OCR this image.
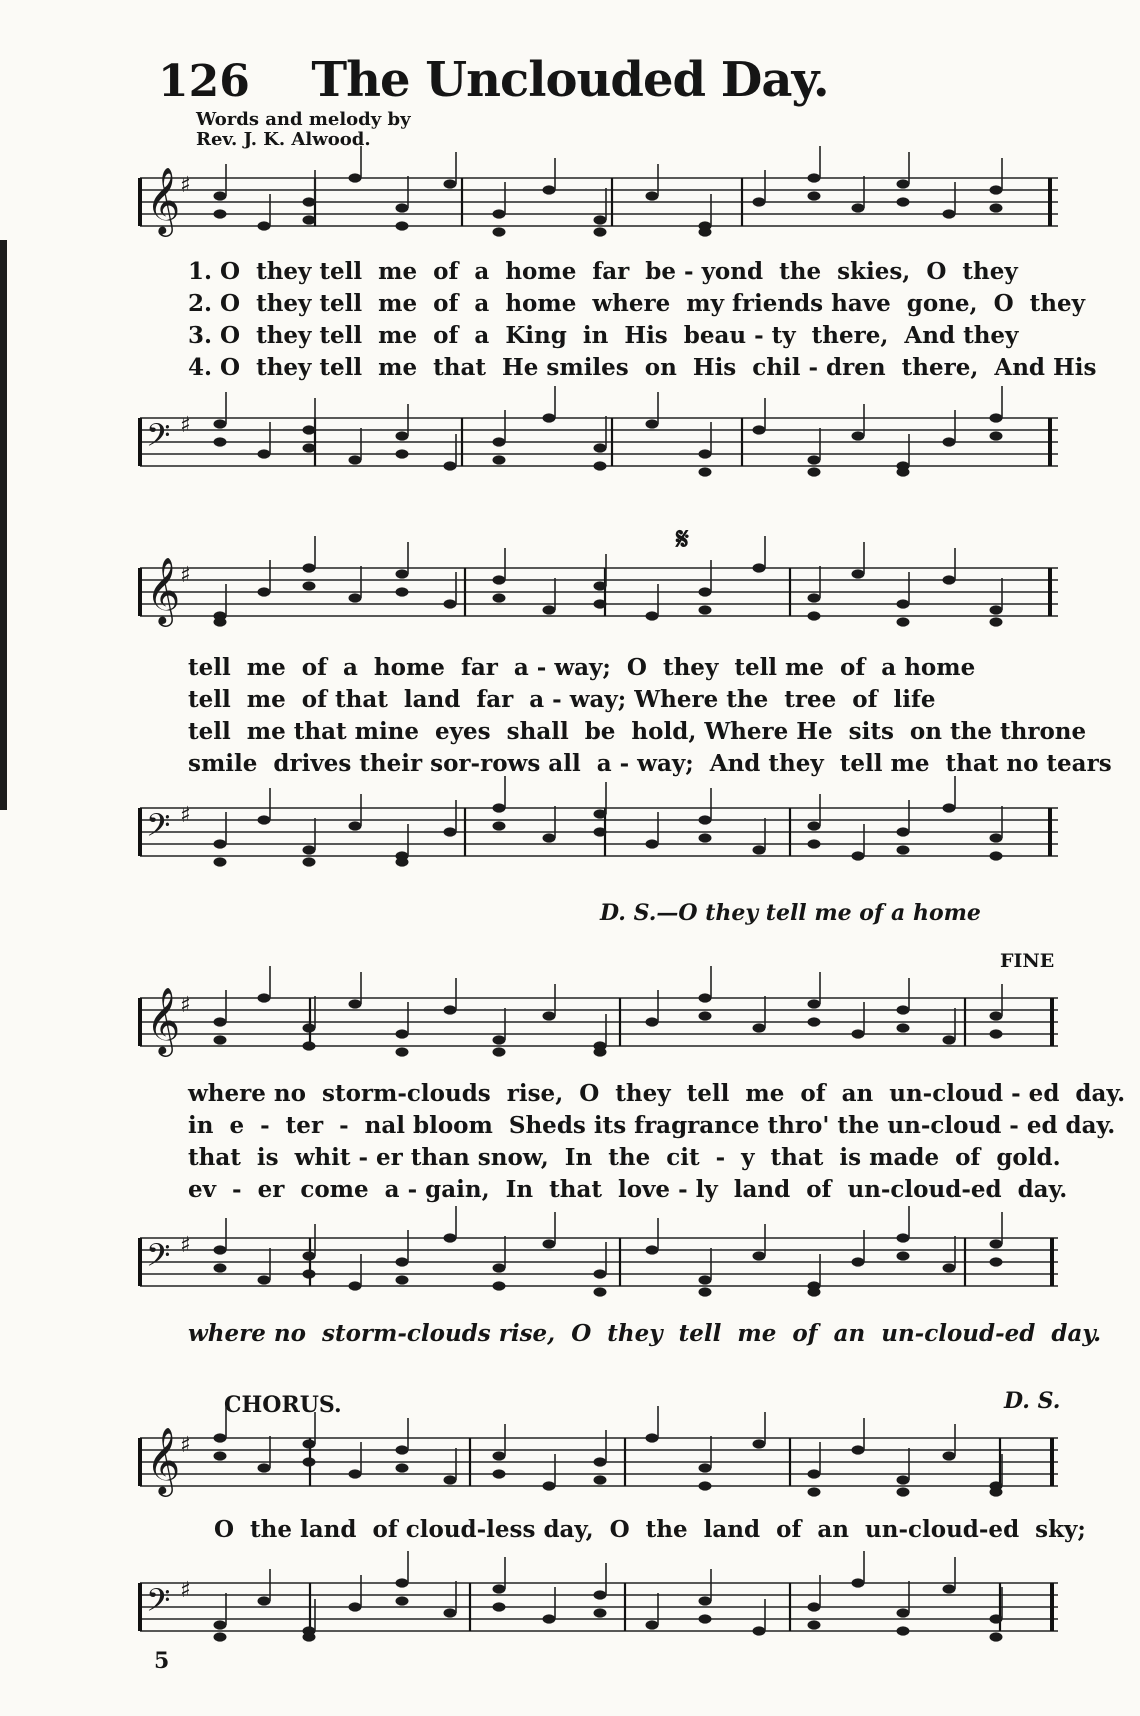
126	The Unclouded Day.
Words and melody by
Rev. J. K. Alwood.
𝄞 ♯
1. O  they tell  me  of  a  home  far  be - yond  the  skies,  O  they
2. O  they tell  me  of  a  home  where  my friends have  gone,  O  they
3. O  they tell  me  of  a  King  in  His  beau - ty  there,  And they
4. O  they tell  me  that  He smiles  on  His  chil - dren  there,  And His
𝄢 ♯
𝄋
𝄞 ♯
tell  me  of  a  home  far  a - way;  O  they  tell me  of  a home
tell  me  of that  land  far  a - way; Where the  tree  of  life
tell  me that mine  eyes  shall  be  hold, Where He  sits  on the throne
smile  drives their sor-rows all  a - way;  And they  tell me  that no tears
𝄢 ♯
D. S.—O they tell me of a home
FINE
𝄞 ♯
where no  storm-clouds  rise,  O  they  tell  me  of  an  un-cloud - ed  day.
in  e  -  ter  -  nal bloom  Sheds its fragrance thro' the un-cloud - ed day.
that  is  whit - er than snow,  In  the  cit  -  y  that  is made  of  gold.
ev  -  er  come  a - gain,  In  that  love - ly  land  of  un-cloud-ed  day.
𝄢 ♯
where no  storm-clouds rise,  O  they  tell  me  of  an  un-cloud-ed  day.
CHORUS.	D. S.
𝄞 ♯
O  the land  of cloud-less day,  O  the  land  of  an  un-cloud-ed  sky;
𝄢 ♯
5
